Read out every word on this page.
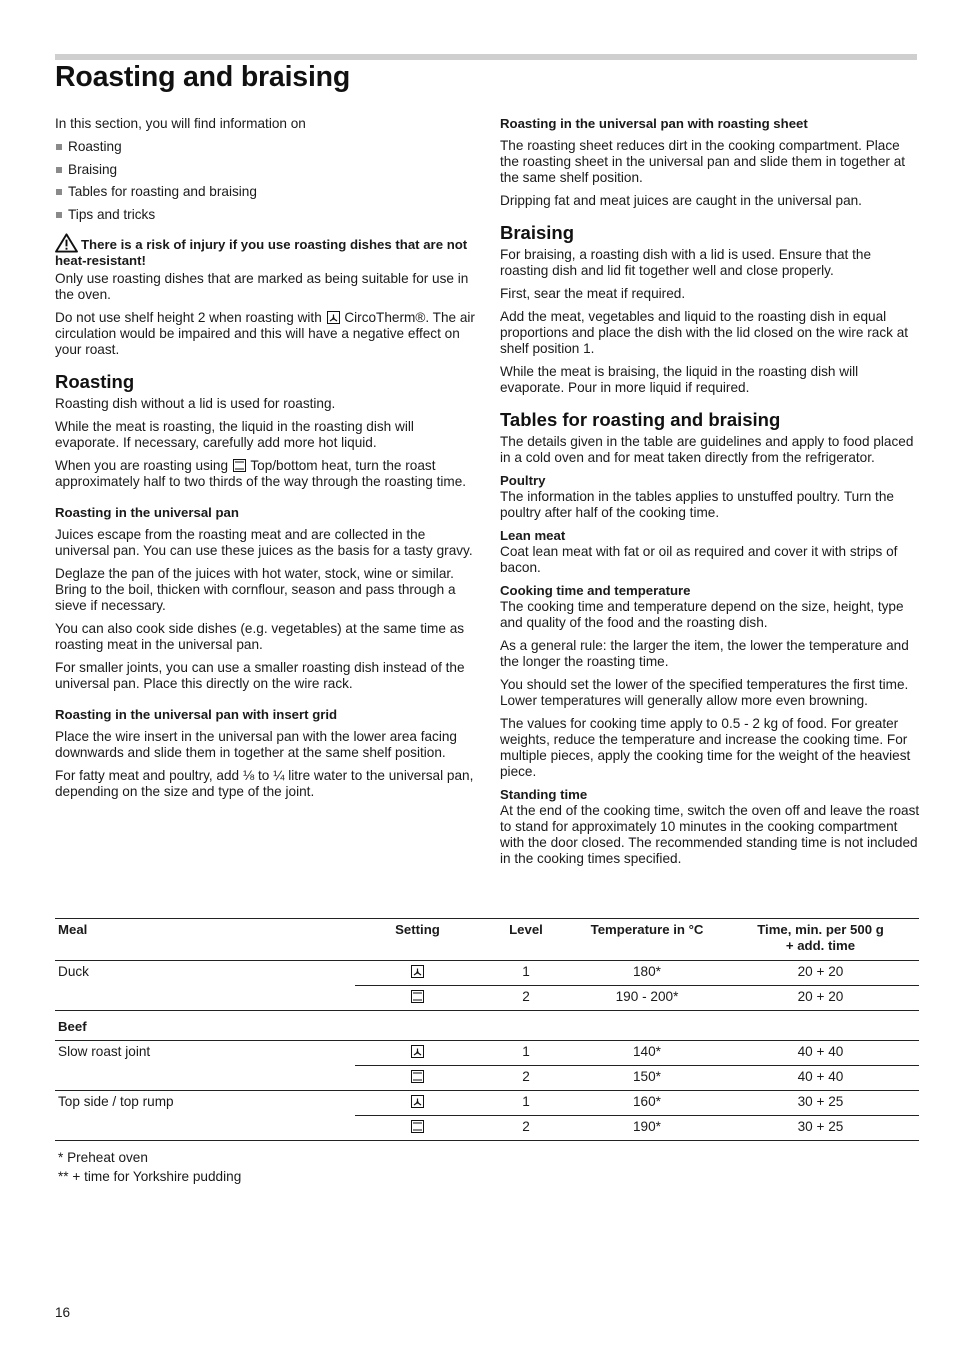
Roasting and braising

In this section, you will find information on

Roasting
Braising
Tables for roasting and braising
Tips and tricks
There is a risk of injury if you use roasting dishes that are not heat-resistant!

Only use roasting dishes that are marked as being suitable for use in the oven.

Do not use shelf height 2 when roasting with CircoTherm®. The air circulation would be impaired and this will have a negative effect on your roast.

Roasting

Roasting dish without a lid is used for roasting.

While the meat is roasting, the liquid in the roasting dish will evaporate. If necessary, carefully add more hot liquid.

When you are roasting using Top/bottom heat, turn the roast approximately half to two thirds of the way through the roasting time.

Roasting in the universal pan

Juices escape from the roasting meat and are collected in the universal pan. You can use these juices as the basis for a tasty gravy.

Deglaze the pan of the juices with hot water, stock, wine or similar. Bring to the boil, thicken with cornflour, season and pass through a sieve if necessary.

You can also cook side dishes (e.g. vegetables) at the same time as roasting meat in the universal pan.

For smaller joints, you can use a smaller roasting dish instead of the universal pan. Place this directly on the wire rack.

Roasting in the universal pan with insert grid

Place the wire insert in the universal pan with the lower area facing downwards and slide them in together at the same shelf position.

For fatty meat and poultry, add ⅛ to ¼ litre water to the universal pan, depending on the size and type of the joint.

Roasting in the universal pan with roasting sheet

The roasting sheet reduces dirt in the cooking compartment. Place the roasting sheet in the universal pan and slide them in together at the same shelf position.

Dripping fat and meat juices are caught in the universal pan.

Braising

For braising, a roasting dish with a lid is used. Ensure that the roasting dish and lid fit together well and close properly.

First, sear the meat if required.

Add the meat, vegetables and liquid to the roasting dish in equal proportions and place the dish with the lid closed on the wire rack at shelf position 1.

While the meat is braising, the liquid in the roasting dish will evaporate. Pour in more liquid if required.

Tables for roasting and braising

The details given in the table are guidelines and apply to food placed in a cold oven and for meat taken directly from the refrigerator.

Poultry

The information in the tables applies to unstuffed poultry. Turn the poultry after half of the cooking time.

Lean meat

Coat lean meat with fat or oil as required and cover it with strips of bacon.

Cooking time and temperature

The cooking time and temperature depend on the size, height, type and quality of the food and the roasting dish.

As a general rule: the larger the item, the lower the temperature and the longer the roasting time.

You should set the lower of the specified temperatures the first time. Lower temperatures will generally allow more even browning.

The values for cooking time apply to 0.5 - 2 kg of food. For greater weights, reduce the temperature and increase the cooking time. For multiple pieces, apply the cooking time for the weight of the heaviest piece.

Standing time

At the end of the cooking time, switch the oven off and leave the roast to stand for approximately 10 minutes in the cooking compartment with the door closed. The recommended standing time is not included in the cooking times specified.

Meal	Setting	Level	Temperature in °C	Time, min. per 500 g
+ add. time

Duck		1	180*	20 + 20
		2	190 - 200*	20 + 20
Beef				
Slow roast joint		1	140*	40 + 40
		2	150*	40 + 40
Top side / top rump		1	160*	30 + 25
		2	190*	30 + 25
* Preheat oven
** + time for Yorkshire pudding
16
